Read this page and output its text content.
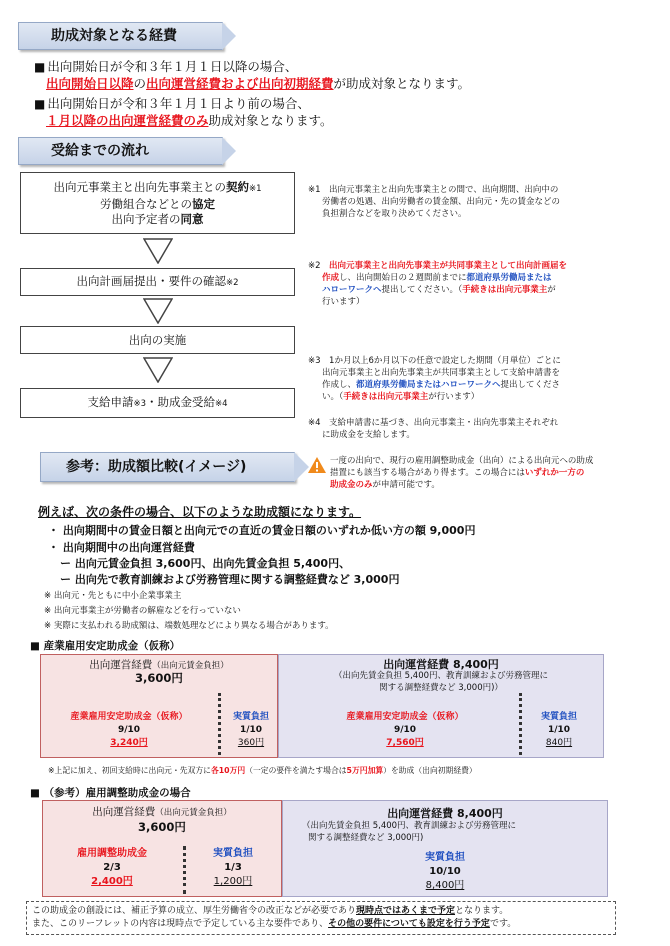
助成対象となる経費
■ 出向開始日が令和３年１月１日以降の場合、
出向開始日以降の出向運営経費および出向初期経費が助成対象となります。
■ 出向開始日が令和３年１月１日より前の場合、
１月以降の出向運営経費のみ助成対象となります。
受給までの流れ
出向元事業主と出向先事業主との契約※1
労働組合などとの協定
出向予定者の同意
出向計画届提出・要件の確認※2
出向の実施
支給申請※3・助成金受給※4
※1　出向元事業主と出向先事業主との間で、出向期間、出向中の
労働者の処遇、出向労働者の賃金額、出向元・先の賃金などの
負担割合などを取り決めてください。
※2　出向元事業主と出向先事業主が共同事業主として出向計画届を
作成し、出向開始日の２週間前までに都道府県労働局または
ハローワークへ提出してください。（手続きは出向元事業主が
行います）
※3　1か月以上6か月以下の任意で設定した期間（月単位）ごとに
出向元事業主と出向先事業主が共同事業主として支給申請書を
作成し、都道府県労働局またはハローワークへ提出してくださ
い。（手続きは出向元事業主が行います）
※4　支給申請書に基づき、出向元事業主・出向先事業主それぞれ
に助成金を支給します。
参考：助成額比較(イメージ)	一度の出向で、現行の雇用調整助成金（出向）による出向元への助成
措置にも該当する場合があり得ます。この場合にはいずれか一方の
助成金のみが申請可能です。
例えば、次の条件の場合、以下のような助成額になります。
・ 出向期間中の賃金日額と出向元での直近の賃金日額のいずれか低い方の額 9,000円
・ 出向期間中の出向運営経費
ー 出向元賃金負担 3,600円、出向先賃金負担 5,400円、
ー 出向先で教育訓練および労務管理に関する調整経費など 3,000円
※ 出向元・先ともに中小企業事業主
※ 出向元事業主が労働者の解雇などを行っていない
※ 実際に支払われる助成額は、端数処理などにより異なる場合があります。
■ 産業雇用安定助成金（仮称）
出向運営経費（出向元賃金負担）
3,600円
出向運営経費 8,400円
（出向先賃金負担 5,400円、教育訓練および労務管理に
関する調整経費など 3,000円)）
産業雇用安定助成金（仮称）
9/10
3,240円
実質負担
1/10
360円
産業雇用安定助成金（仮称）
9/10
7,560円
実質負担
1/10
840円
※上記に加え、初回支給時に出向元・先双方に各10万円（一定の要件を満たす場合は5万円加算）を助成（出向初期経費）
■ （参考）雇用調整助成金の場合
出向運営経費（出向元賃金負担）
3,600円
出向運営経費 8,400円
（出向先賃金負担 5,400円、教育訓練および労務管理に
関する調整経費など 3,000円)
雇用調整助成金
2/3
2,400円
実質負担
1/3
1,200円
実質負担
10/10
8,400円
この助成金の創設には、補正予算の成立、厚生労働省令の改正などが必要であり現時点ではあくまで予定となります。
また、このリーフレットの内容は現時点で予定している主な要件であり、その他の要件についても設定を行う予定です。
